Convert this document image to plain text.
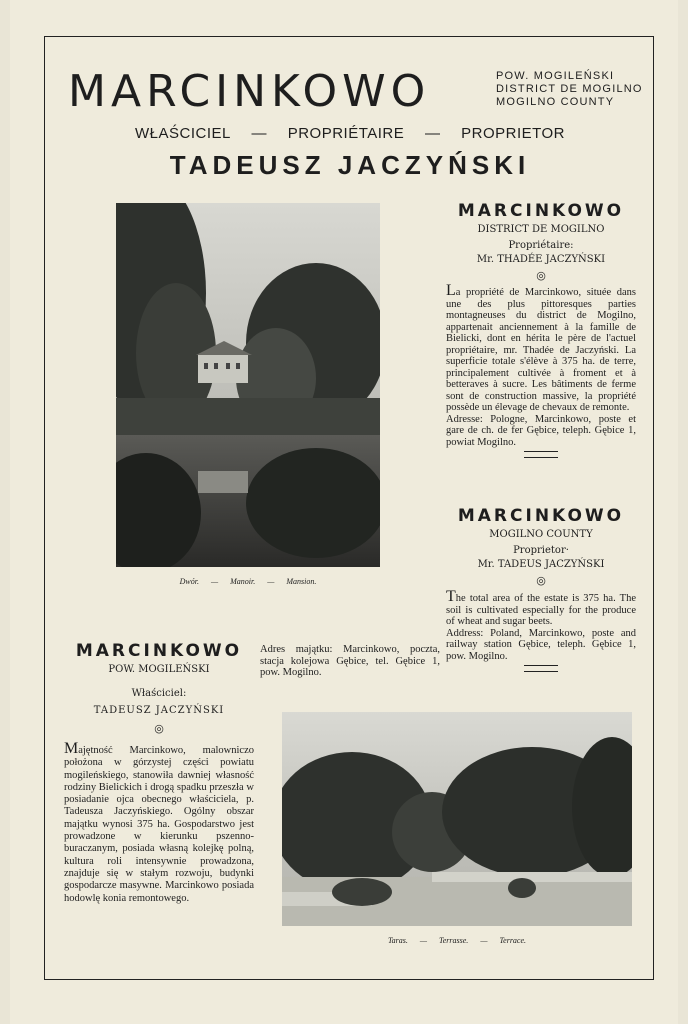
MARCINKOWO	POW. MOGILEŃSKI
DISTRICT DE MOGILNO
MOGILNO COUNTY
WŁAŚCICIEL — PROPRIÉTAIRE — PROPRIETOR
TADEUSZ JACZYŃSKI
Dwór. — Manoir. — Mansion.
MARCINKOWO
DISTRICT DE MOGILNO
Propriétaire:
Mr. THADÉE JACZYŃSKI
◎
La propriété de Marcinkowo, située dans une des plus pittoresques parties montagneuses du district de Mogilno, appartenait anciennement à la famille de Bielicki, dont en hérita le père de l'actuel propriétaire, mr. Thadée de Jaczyński. La superficie totale s'élève à 375 ha. de terre, principalement cultivée à froment et à betteraves à sucre. Les bâtiments de ferme sont de construction massive, la propriété possède un élevage de chevaux de remonte.
Adresse: Pologne, Marcinkowo, poste et gare de ch. de fer Gębice, teleph. Gębice 1, powiat Mogilno.
MARCINKOWO
MOGILNO COUNTY
Proprietor·
Mr. TADEUS JACZYŃSKI
◎
The total area of the estate is 375 ha. The soil is cultivated especially for the produce of wheat and sugar beets.
Address: Poland, Marcinkowo, poste and railway station Gębice, teleph. Gębice 1, pow. Mogilno.
MARCINKOWO
POW. MOGILEŃSKI
Właściciel:
TADEUSZ JACZYŃSKI
◎
Majętność Marcinkowo, malowniczo położona w górzystej części powiatu mogileńskiego, stanowiła dawniej własność rodziny Bielickich i drogą spadku przeszła w posiadanie ojca obecnego właściciela, p. Tadeusza Jaczyńskiego. Ogólny obszar majątku wynosi 375 ha. Gospodarstwo jest prowadzone w kierunku pszenno-buraczanym, posiada własną kolejkę polną, kultura roli intensywnie prowadzona, znajduje się w stałym rozwoju, budynki gospodarcze masywne. Marcinkowo posiada hodowlę konia remontowego.
Adres majątku: Marcinkowo, poczta, stacja kolejowa Gębice, tel. Gębice 1, pow. Mogilno.
Taras. — Terrasse. — Terrace.
